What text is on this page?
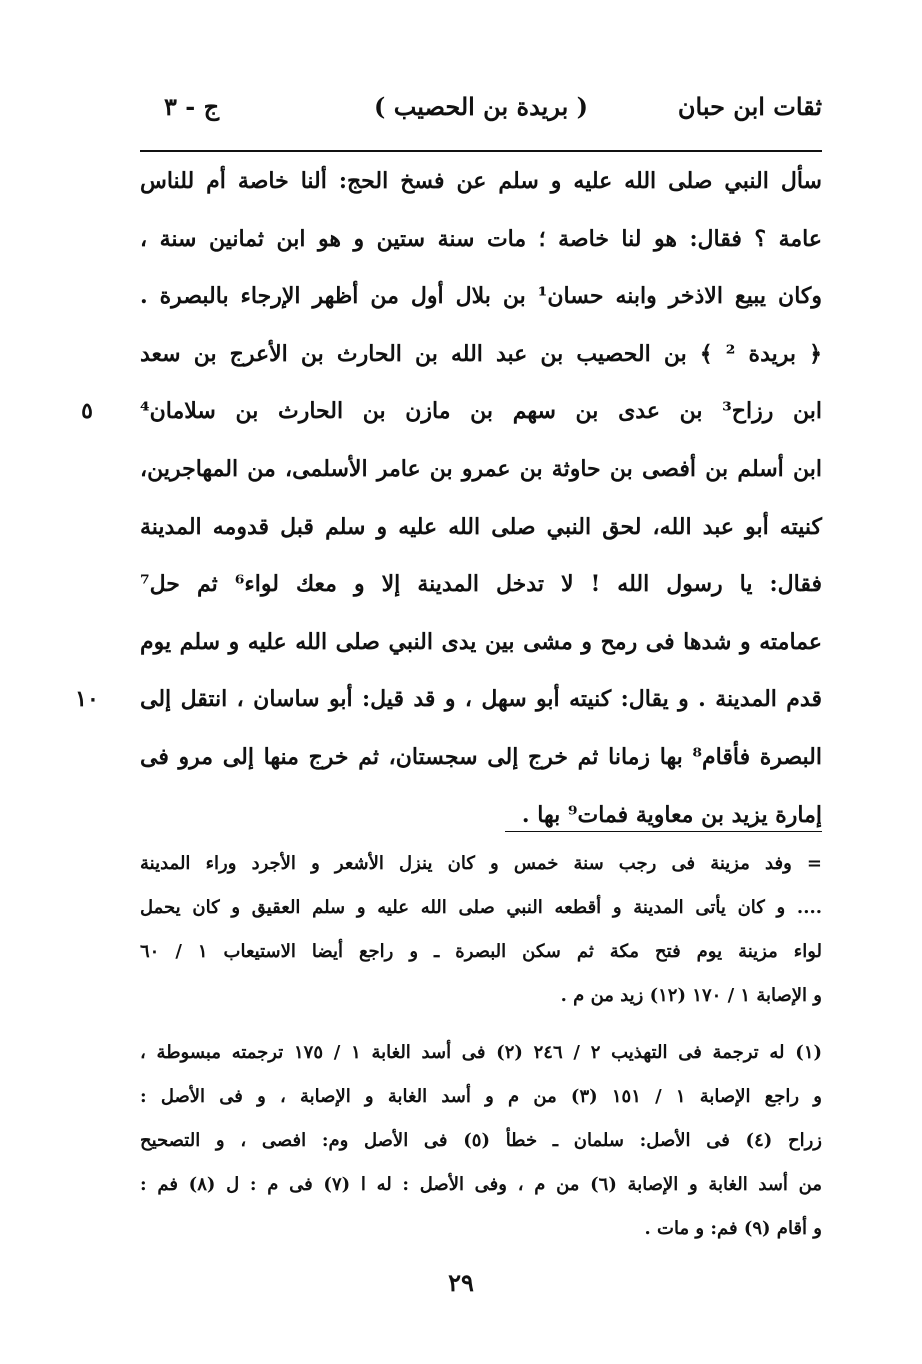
ثقات ابن حبان
( بريدة بن الحصيب )
ج - ٣
سأل النبي صلى الله عليه و سلم عن فسخ الحج: ألنا خاصة أم للناس
عامة ؟ فقال: هو لنا خاصة ؛ مات سنة ستين و هو ابن ثمانين سنة ،
وكان يبيع الاذخر وابنه حسان¹ بن بلال أول من أظهر الإرجاء بالبصرة .
﴿ بريدة ² ﴾ بن الحصيب بن عبد الله بن الحارث بن الأعرج بن سعد
ابن رزاح³ بن عدى بن سهم بن مازن بن الحارث بن سلامان⁴
ابن أسلم بن أفصى بن حاوثة بن عمرو بن عامر الأسلمى، من المهاجرين،
كنيته أبو عبد الله، لحق النبي صلى الله عليه و سلم قبل قدومه المدينة
فقال: يا رسول الله ! لا تدخل المدينة إلا و معك لواء⁶ ثم حل⁷
عمامته و شدها فى رمح و مشى بين يدى النبي صلى الله عليه و سلم يوم
قدم المدينة . و يقال: كنيته أبو سهل ، و قد قيل: أبو ساسان ، انتقل إلى
البصرة فأقام⁸ بها زمانا ثم خرج إلى سجستان، ثم خرج منها إلى مرو فى
إمارة يزيد بن معاوية فمات⁹ بها .
٥
١٠
= وفد مزينة فى رجب سنة خمس و كان ينزل الأشعر و الأجرد وراء المدينة
.... و كان يأتى المدينة و أقطعه النبي صلى الله عليه و سلم العقيق و كان يحمل
لواء مزينة يوم فتح مكة ثم سكن البصرة ـ و راجع أيضا الاستيعاب ١ / ٦٠
و الإصابة ١ / ١٧٠ (١٢) زيد من م .
(١) له ترجمة فى التهذيب ٢ / ٢٤٦ (٢) فى أسد الغابة ١ / ١٧٥ ترجمته مبسوطة ،
و راجع الإصابة ١ / ١٥١ (٣) من م و أسد الغابة و الإصابة ، و فى الأصل :
زراح (٤) فى الأصل: سلمان ـ خطأ (٥) فى الأصل وم: افصى ، و التصحيح
من أسد الغابة و الإصابة (٦) من م ، وفى الأصل : له ا (٧) فى م : ل (٨) فم :
و أقام (٩) فم: و مات .
٢٩
